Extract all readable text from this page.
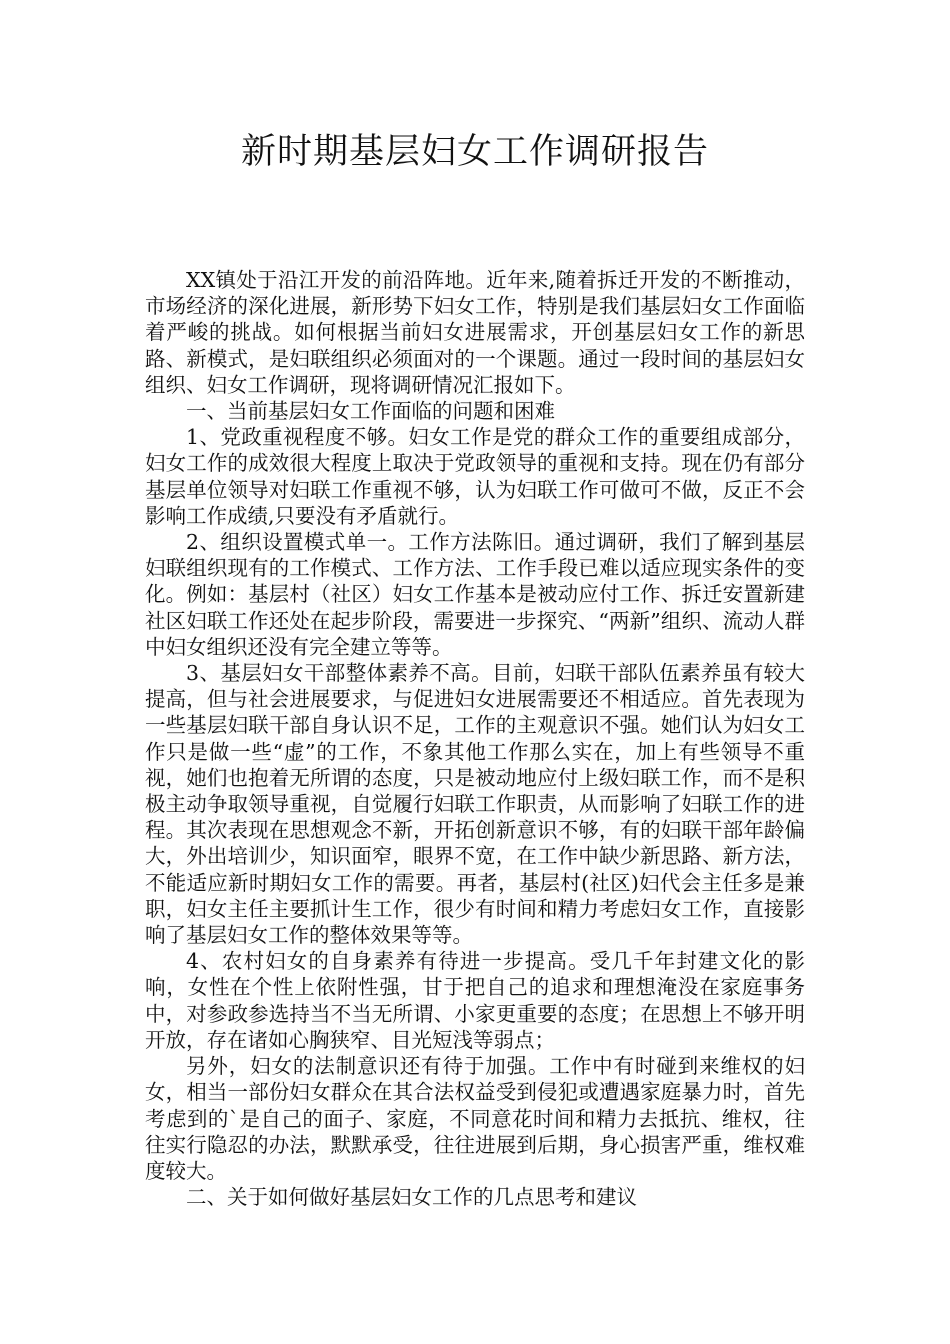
新时期基层妇女工作调研报告

XX镇处于沿江开发的前沿阵地。近年来,随着拆迁开发的不断推动，市场经济的深化进展，新形势下妇女工作，特别是我们基层妇女工作面临着严峻的挑战。如何根据当前妇女进展需求，开创基层妇女工作的新思路、新模式，是妇联组织必须面对的一个课题。通过一段时间的基层妇女组织、妇女工作调研，现将调研情况汇报如下。

一、当前基层妇女工作面临的问题和困难

1、党政重视程度不够。妇女工作是党的群众工作的重要组成部分，妇女工作的成效很大程度上取决于党政领导的重视和支持。现在仍有部分基层单位领导对妇联工作重视不够，认为妇联工作可做可不做，反正不会影响工作成绩,只要没有矛盾就行。

2、组织设置模式单一。工作方法陈旧。通过调研，我们了解到基层妇联组织现有的工作模式、工作方法、工作手段已难以适应现实条件的变化。例如：基层村（社区）妇女工作基本是被动应付工作、拆迁安置新建社区妇联工作还处在起步阶段，需要进一步探究、“两新”组织、流动人群中妇女组织还没有完全建立等等。

3、基层妇女干部整体素养不高。目前，妇联干部队伍素养虽有较大提高，但与社会进展要求，与促进妇女进展需要还不相适应。首先表现为一些基层妇联干部自身认识不足，工作的主观意识不强。她们认为妇女工作只是做一些“虚”的工作，不象其他工作那么实在，加上有些领导不重视，她们也抱着无所谓的态度，只是被动地应付上级妇联工作，而不是积极主动争取领导重视，自觉履行妇联工作职责，从而影响了妇联工作的进程。其次表现在思想观念不新，开拓创新意识不够，有的妇联干部年龄偏大，外出培训少，知识面窄，眼界不宽，在工作中缺少新思路、新方法，不能适应新时期妇女工作的需要。再者，基层村(社区)妇代会主任多是兼职，妇女主任主要抓计生工作，很少有时间和精力考虑妇女工作，直接影响了基层妇女工作的整体效果等等。

4、农村妇女的自身素养有待进一步提高。受几千年封建文化的影响，女性在个性上依附性强，甘于把自己的追求和理想淹没在家庭事务中，对参政参选持当不当无所谓、小家更重要的态度；在思想上不够开明开放，存在诸如心胸狭窄、目光短浅等弱点；

另外，妇女的法制意识还有待于加强。工作中有时碰到来维权的妇女，相当一部份妇女群众在其合法权益受到侵犯或遭遇家庭暴力时，首先考虑到的`是自己的面子、家庭，不同意花时间和精力去抵抗、维权，往往实行隐忍的办法，默默承受，往往进展到后期，身心损害严重，维权难度较大。

二、关于如何做好基层妇女工作的几点思考和建议
